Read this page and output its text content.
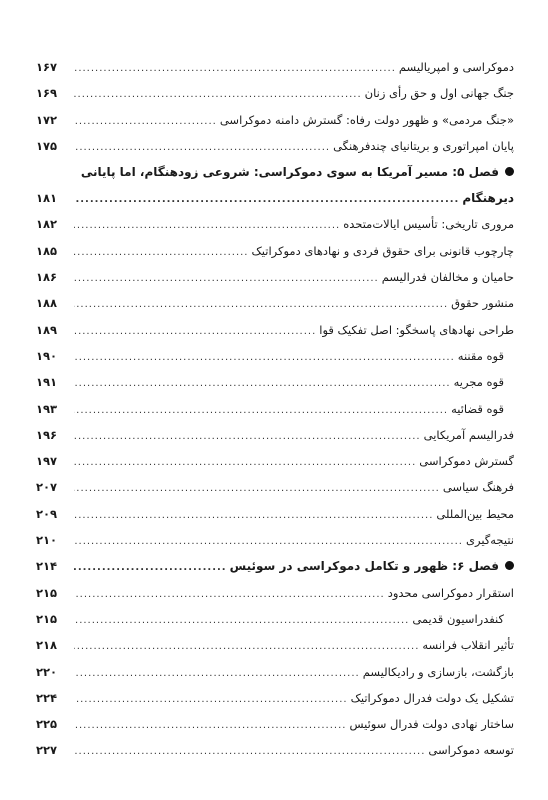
دموکراسی و امپریالیسم
.....
۱۶۷
جنگ جهانی اول و حق رأی زنان
.....
۱۶۹
«جنگ مردمی» و ظهور دولت رفاه: گسترش دامنه دموکراسی
.....
۱۷۲
پایان امپراتوری و بریتانیای چندفرهنگی
.....
۱۷۵
فصل ۵: مسیر آمریکا به سوی دموکراسی: شروعی زودهنگام، اما پایانی
دیرهنگام
.....
۱۸۱
مروری تاریخی: تأسیس ایالات‌متحده
.....
۱۸۲
چارچوب قانونی برای حقوق فردی و نهادهای دموکراتیک
.....
۱۸۵
حامیان و مخالفان فدرالیسم
.....
۱۸۶
منشور حقوق
.....
۱۸۸
طراحی نهادهای پاسخگو: اصل تفکیک قوا
.....
۱۸۹
قوه مقننه
.....
۱۹۰
قوه مجریه
.....
۱۹۱
قوه قضائیه
.....
۱۹۳
فدرالیسم آمریکایی
.....
۱۹۶
گسترش دموکراسی
.....
۱۹۷
فرهنگ سیاسی
.....
۲۰۷
محیط بین‌المللی
.....
۲۰۹
نتیجه‌گیری
.....
۲۱۰
فصل ۶: ظهور و تکامل دموکراسی در سوئیس
.....
۲۱۴
استقرار دموکراسی محدود
.....
۲۱۵
کنفدراسیون قدیمی
.....
۲۱۵
تأثیر انقلاب فرانسه
.....
۲۱۸
بازگشت، بازسازی و رادیکالیسم
.....
۲۲۰
تشکیل یک دولت فدرال دموکراتیک
.....
۲۲۴
ساختار نهادی دولت فدرال سوئیس
.....
۲۲۵
توسعه دموکراسی
.....
۲۲۷
